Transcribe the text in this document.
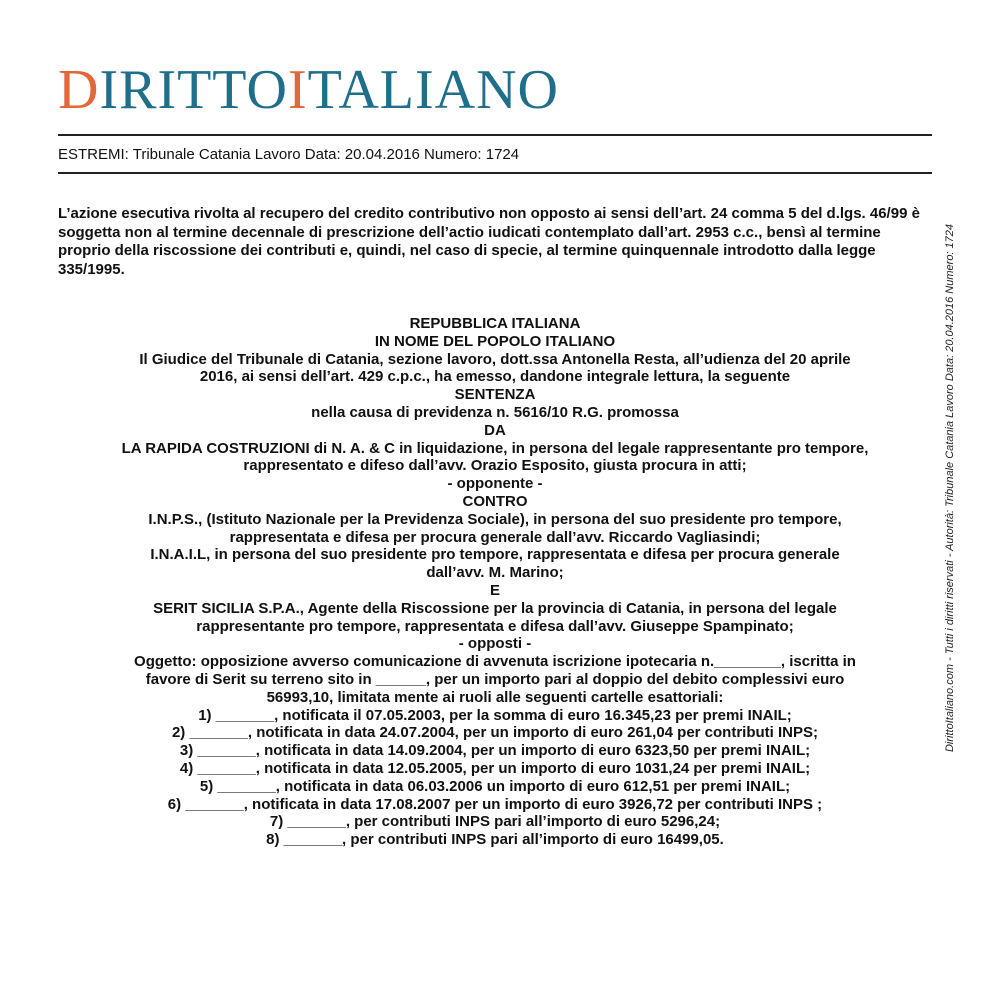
DIRITTOITALIANO
ESTREMI: Tribunale Catania Lavoro Data: 20.04.2016 Numero: 1724

L’azione esecutiva rivolta al recupero del credito contributivo non opposto ai sensi dell’art. 24 comma 5 del d.lgs. 46/99 è soggetta non al termine decennale di prescrizione dell’actio iudicati contemplato dall’art. 2953 c.c., bensì al termine proprio della riscossione dei contributi e, quindi, nel caso di specie, al termine quinquennale introdotto dalla legge 335/1995.

REPUBBLICA ITALIANA
IN NOME DEL POPOLO ITALIANO
Il Giudice del Tribunale di Catania, sezione lavoro, dott.ssa Antonella Resta, all’udienza del 20 aprile
2016, ai sensi dell’art. 429 c.p.c., ha emesso, dandone integrale lettura, la seguente
SENTENZA
nella causa di previdenza n. 5616/10 R.G. promossa
DA
LA RAPIDA COSTRUZIONI di N. A. & C in liquidazione, in persona del legale rappresentante pro tempore,
rappresentato e difeso dall’avv. Orazio Esposito, giusta procura in atti;
- opponente -
CONTRO
I.N.P.S., (Istituto Nazionale per la Previdenza Sociale), in persona del suo presidente pro tempore,
rappresentata e difesa per procura generale dall’avv. Riccardo Vagliasindi;
I.N.A.I.L, in persona del suo presidente pro tempore, rappresentata e difesa per procura generale
dall’avv. M. Marino;
E
SERIT SICILIA S.P.A., Agente della Riscossione per la provincia di Catania, in persona del legale
rappresentante pro tempore, rappresentata e difesa dall’avv. Giuseppe Spampinato;
- opposti -
Oggetto: opposizione avverso comunicazione di avvenuta iscrizione ipotecaria n.________, iscritta in
favore di Serit su terreno sito in ______, per un importo pari al doppio del debito complessivi euro
56993,10, limitata mente ai ruoli alle seguenti cartelle esattoriali:
1) _______, notificata il 07.05.2003, per la somma di euro 16.345,23 per premi INAIL;
2) _______, notificata in data 24.07.2004, per un importo di euro 261,04 per contributi INPS;
3) _______, notificata in data 14.09.2004, per un importo di euro 6323,50 per premi INAIL;
4) _______, notificata in data 12.05.2005, per un importo di euro 1031,24 per premi INAIL;
5) _______, notificata in data 06.03.2006 un importo di euro 612,51 per premi INAIL;
6) _______, notificata in data 17.08.2007 per un importo di euro 3926,72 per contributi INPS ;
7) _______, per contributi INPS pari all’importo di euro 5296,24;
8) _______, per contributi INPS pari all’importo di euro 16499,05.
DirittoItaliano.com - Tutti i diritti riservati - Autorità: Tribunale Catania Lavoro Data: 20.04.2016 Numero: 1724
